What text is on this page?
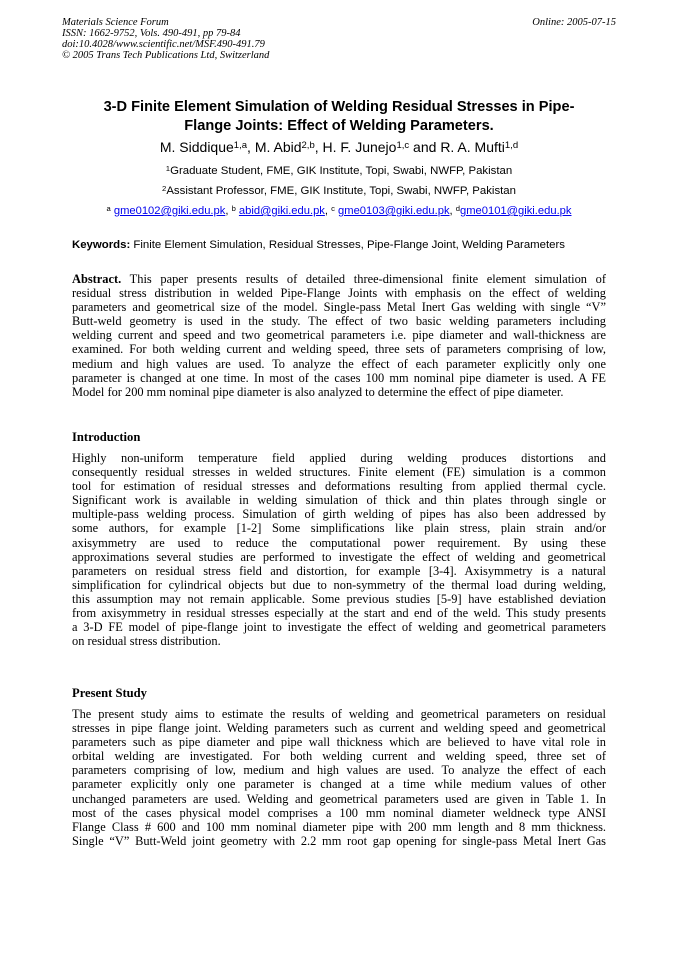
Materials Science Forum
ISSN: 1662-9752, Vols. 490-491, pp 79-84
doi:10.4028/www.scientific.net/MSF.490-491.79
© 2005 Trans Tech Publications Ltd, Switzerland
Online: 2005-07-15
3-D Finite Element Simulation of Welding Residual Stresses in Pipe-
Flange Joints: Effect of Welding Parameters.
M. Siddique$^{1,a}$, M. Abid$^{2,b}$, H. F. Junejo$^{1,c}$ and R. A. Mufti$^{1,d}$
$^1$Graduate Student, FME, GIK Institute, Topi, Swabi, NWFP, Pakistan
$^2$Assistant Professor, FME, GIK Institute, Topi, Swabi, NWFP, Pakistan
$^a$ gme0102@giki.edu.pk, $^b$ abid@giki.edu.pk, $^c$ gme0103@giki.edu.pk, $^d$gme0101@giki.edu.pk
Keywords: Finite Element Simulation, Residual Stresses, Pipe-Flange Joint, Welding Parameters
Abstract. This paper presents results of detailed three-dimensional finite element simulation of
residual stress distribution in welded Pipe-Flange Joints with emphasis on the effect of welding
parameters and geometrical size of the model. Single-pass Metal Inert Gas welding with single “V”
Butt-weld geometry is used in the study. The effect of two basic welding parameters including
welding current and speed and two geometrical parameters i.e. pipe diameter and wall-thickness are
examined. For both welding current and welding speed, three sets of parameters comprising of low,
medium and high values are used. To analyze the effect of each parameter explicitly only one
parameter is changed at one time. In most of the cases 100 mm nominal pipe diameter is used. A FE
Model for 200 mm nominal pipe diameter is also analyzed to determine the effect of pipe diameter.
Introduction
Highly non-uniform temperature field applied during welding produces distortions and
consequently residual stresses in welded structures. Finite element (FE) simulation is a common
tool for estimation of residual stresses and deformations resulting from applied thermal cycle.
Significant work is available in welding simulation of thick and thin plates through single or
multiple-pass welding process. Simulation of girth welding of pipes has also been addressed by
some authors, for example [1-2] Some simplifications like plain stress, plain strain and/or
axisymmetry are used to reduce the computational power requirement. By using these
approximations several studies are performed to investigate the effect of welding and geometrical
parameters on residual stress field and distortion, for example [3-4]. Axisymmetry is a natural
simplification for cylindrical objects but due to non-symmetry of the thermal load during welding,
this assumption may not remain applicable. Some previous studies [5-9] have established deviation
from axisymmetry in residual stresses especially at the start and end of the weld. This study presents
a 3-D FE model of pipe-flange joint to investigate the effect of welding and geometrical parameters
on residual stress distribution.
Present Study
The present study aims to estimate the results of welding and geometrical parameters on residual
stresses in pipe flange joint. Welding parameters such as current and welding speed and geometrical
parameters such as pipe diameter and pipe wall thickness which are believed to have vital role in
orbital welding are investigated. For both welding current and welding speed, three set of
parameters comprising of low, medium and high values are used. To analyze the effect of each
parameter explicitly only one parameter is changed at a time while medium values of other
unchanged parameters are used. Welding and geometrical parameters used are given in Table 1. In
most of the cases physical model comprises a 100 mm nominal diameter weldneck type ANSI
Flange Class # 600 and 100 mm nominal diameter pipe with 200 mm length and 8 mm thickness.
Single “V” Butt-Weld joint geometry with 2.2 mm root gap opening for single-pass Metal Inert Gas
